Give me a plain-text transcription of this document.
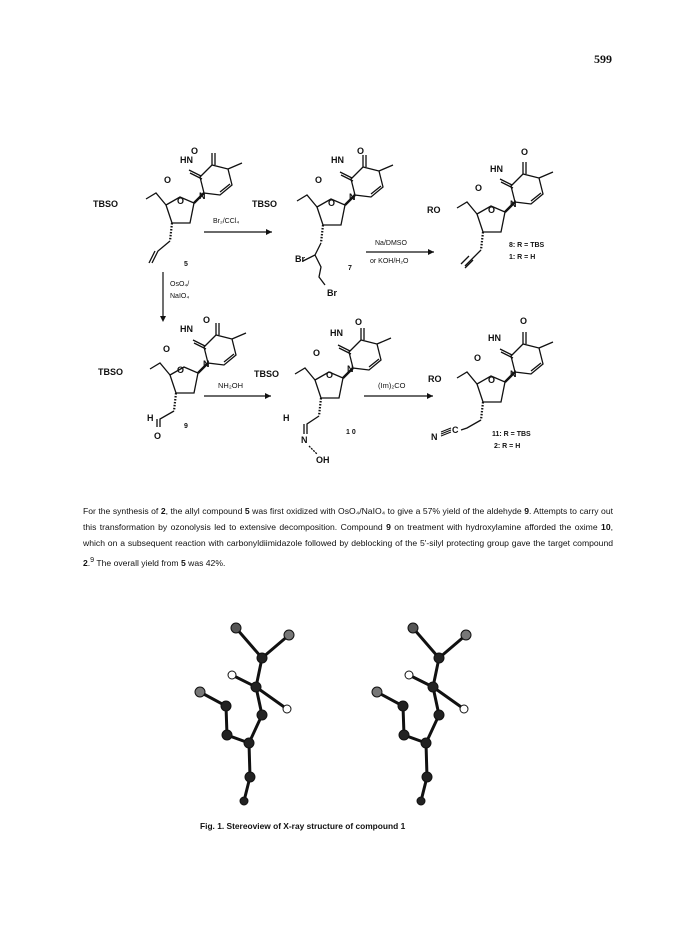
599
TBSO
HN
O
O
O N
5
Br₂/CCl₄
TBSO
HN
O
O
O
N
Br
Br
7
Na/DMSO
or KOH/H₂O
RO
HN
O
O
O
N
8: R = TBS
1: R = H
OsO₄/
NaIO₄
TBSO
HN
O
O
O
N
H
O
9
NH₂OH
TBSO
HN
O
O
O
N
H
N
OH
1 0
(Im)₂CO
RO
HN
O
O
O
N
N
C	11: R = TBS
2: R = H

For the synthesis of 2, the allyl compound 5 was first oxidized with OsO₄/NaIO₄ to give a 57% yield of the aldehyde 9. Attempts to carry out this transformation by ozonolysis led to extensive decomposition. Compound 9 on treatment with hydroxylamine afforded the oxime 10, which on a subsequent reaction with carbonyldiimidazole followed by deblocking of the 5'-silyl protecting group gave the target compound 2.$^9$ The overall yield from 5 was 42%.

Fig. 1. Stereoview of X-ray structure of compound 1
